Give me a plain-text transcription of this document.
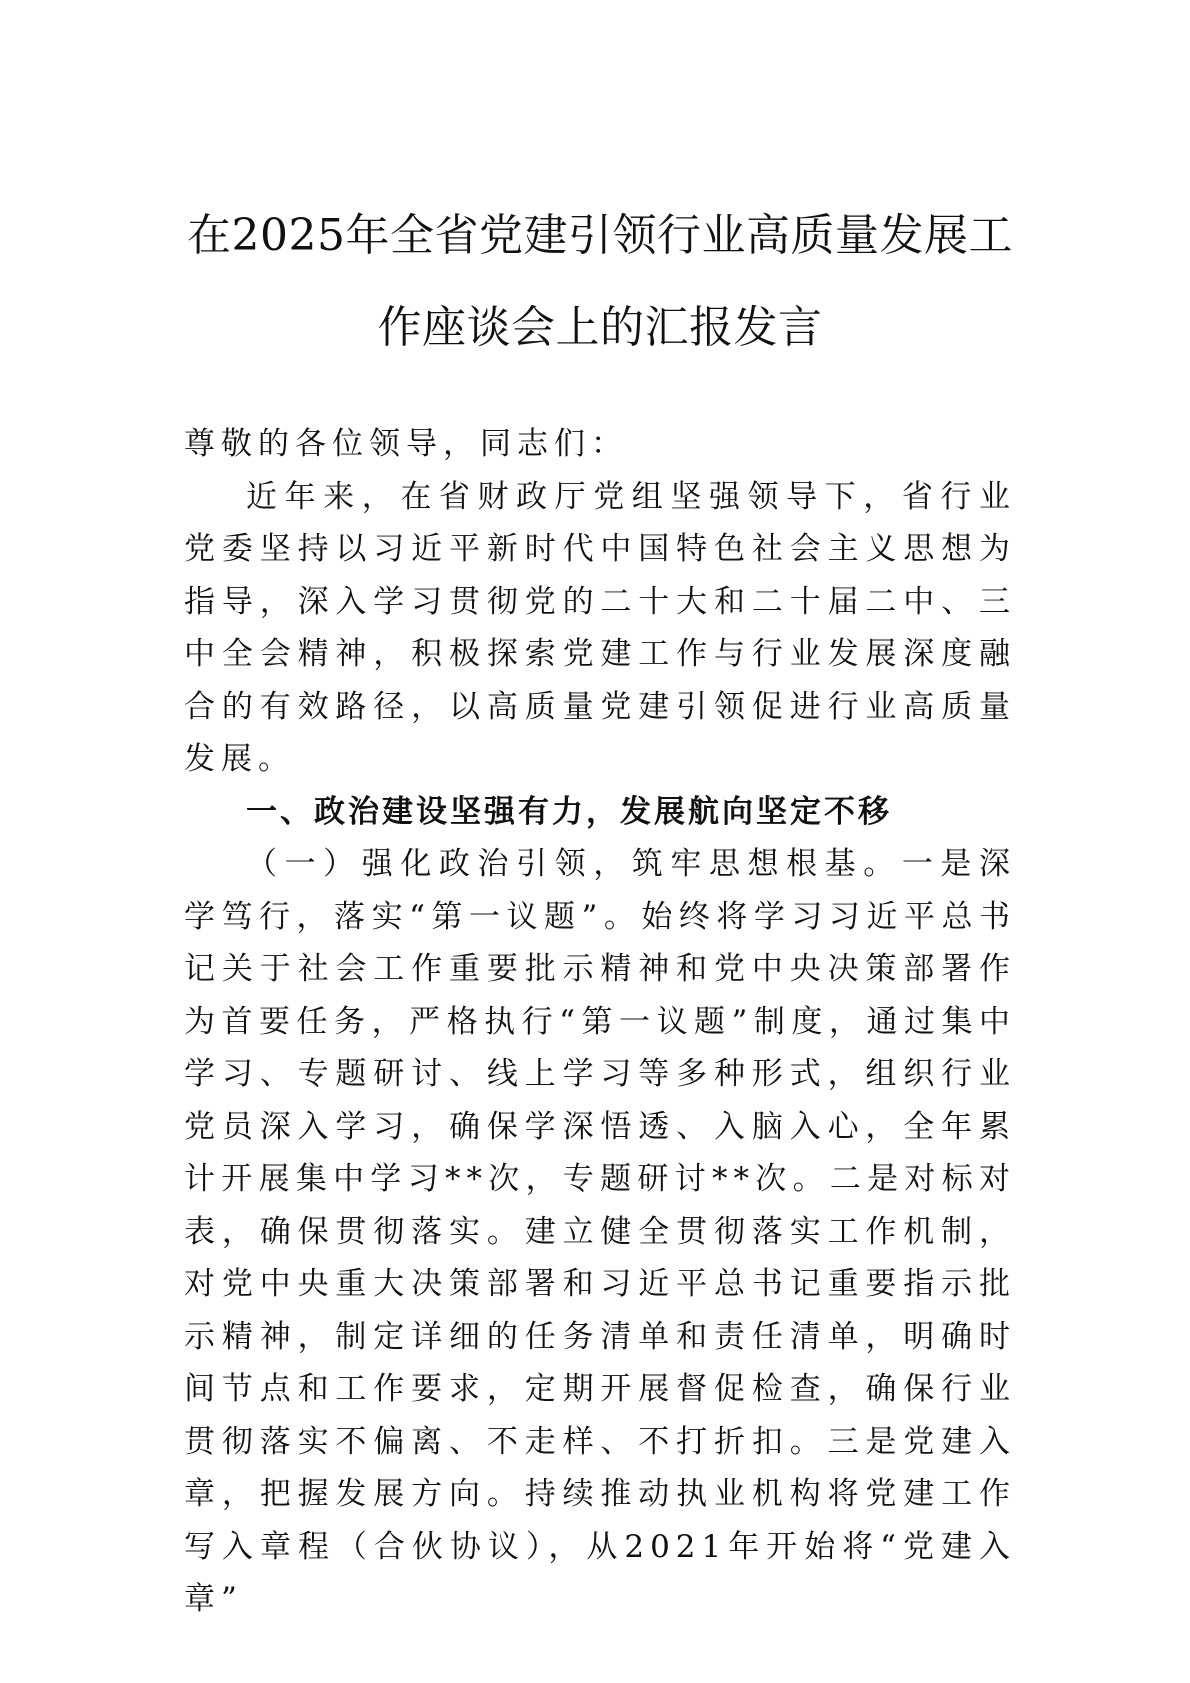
在2025年全省党建引领行业高质量发展工
作座谈会上的汇报发言

尊敬的各位领导，同志们：

近年来，在省财政厅党组坚强领导下，省行业党委坚持以习近平新时代中国特色社会主义思想为指导，深入学习贯彻党的二十大和二十届二中、三中全会精神，积极探索党建工作与行业发展深度融合的有效路径，以高质量党建引领促进行业高质量发展。

一、政治建设坚强有力，发展航向坚定不移

（一）强化政治引领，筑牢思想根基。一是深学笃行，落实“第一议题”。始终将学习习近平总书记关于社会工作重要批示精神和党中央决策部署作为首要任务，严格执行“第一议题”制度，通过集中学习、专题研讨、线上学习等多种形式，组织行业党员深入学习，确保学深悟透、入脑入心，全年累计开展集中学习**次，专题研讨**次。二是对标对表，确保贯彻落实。建立健全贯彻落实工作机制，对党中央重大决策部署和习近平总书记重要指示批示精神，制定详细的任务清单和责任清单，明确时间节点和工作要求，定期开展督促检查，确保行业贯彻落实不偏离、不走样、不打折扣。三是党建入章，把握发展方向。持续推动执业机构将党建工作写入章程（合伙协议），从2021年开始将“党建入章”
